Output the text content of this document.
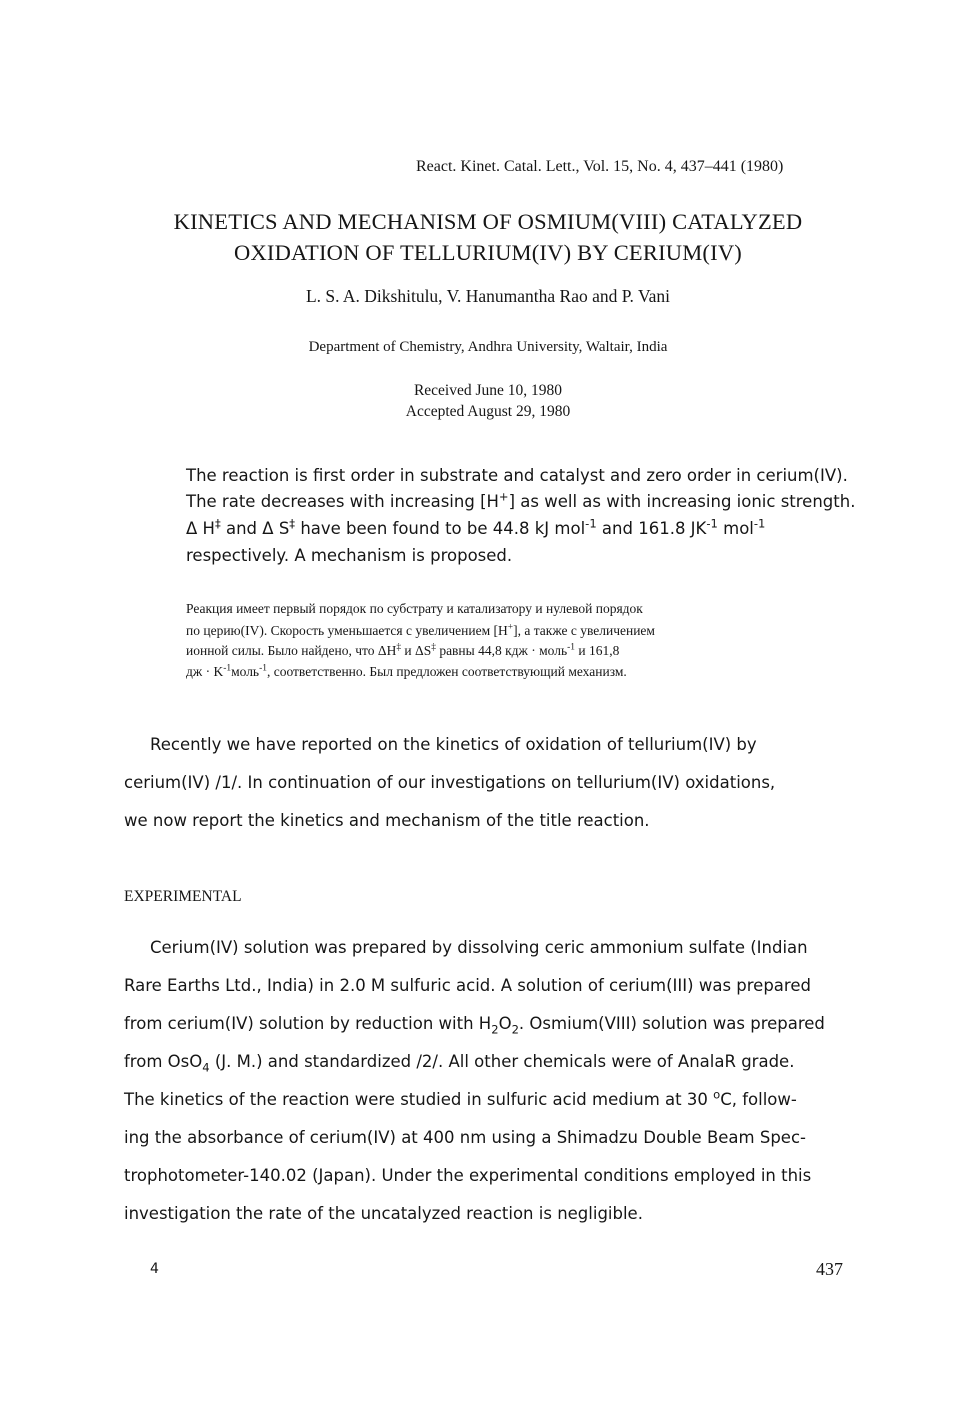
React. Kinet. Catal. Lett., Vol. 15, No. 4, 437–441 (1980)
KINETICS AND MECHANISM OF OSMIUM(VIII) CATALYZED
OXIDATION OF TELLURIUM(IV) BY CERIUM(IV)
L. S. A. Dikshitulu, V. Hanumantha Rao and P. Vani
Department of Chemistry, Andhra University, Waltair, India
Received June 10, 1980
Accepted August 29, 1980
The reaction is first order in substrate and catalyst and zero order in cerium(IV).
The rate decreases with increasing [H+] as well as with increasing ionic strength.
Δ H‡ and Δ S‡ have been found to be 44.8 kJ mol$^{-1}$ and 161.8 $JK^{-1}$ mol$^{-1}$
respectively. A mechanism is proposed.
Реакция имеет первый порядок по субстрату и катализатору и нулевой порядок
по церию(IV). Скорость уменьшается с увеличением [H+], а также с увеличением
ионной силы. Было найдено, что ΔH‡ и ΔS‡ равны 44,8 кдж · моль$^{-1}$ и 161,8
дж · $K^{-1}моль^{-1}$, соответственно. Был предложен соответствующий механизм.
Recently we have reported on the kinetics of oxidation of tellurium(IV) by
cerium(IV) /1/. In continuation of our investigations on tellurium(IV) oxidations,
we now report the kinetics and mechanism of the title reaction.
EXPERIMENTAL
Cerium(IV) solution was prepared by dissolving ceric ammonium sulfate (Indian
Rare Earths Ltd., India) in 2.0 M sulfuric acid. A solution of cerium(III) was prepared
from cerium(IV) solution by reduction with $H_2O_2$. Osmium(VIII) solution was prepared
from OsO$_4$ (J. M.) and standardized /2/. All other chemicals were of AnalaR grade.
The kinetics of the reaction were studied in sulfuric acid medium at 30 $^o$C, follow-
ing the absorbance of cerium(IV) at 400 nm using a Shimadzu Double Beam Spec-
trophotometer-140.02 (Japan). Under the experimental conditions employed in this
investigation the rate of the uncatalyzed reaction is negligible.
4	437
